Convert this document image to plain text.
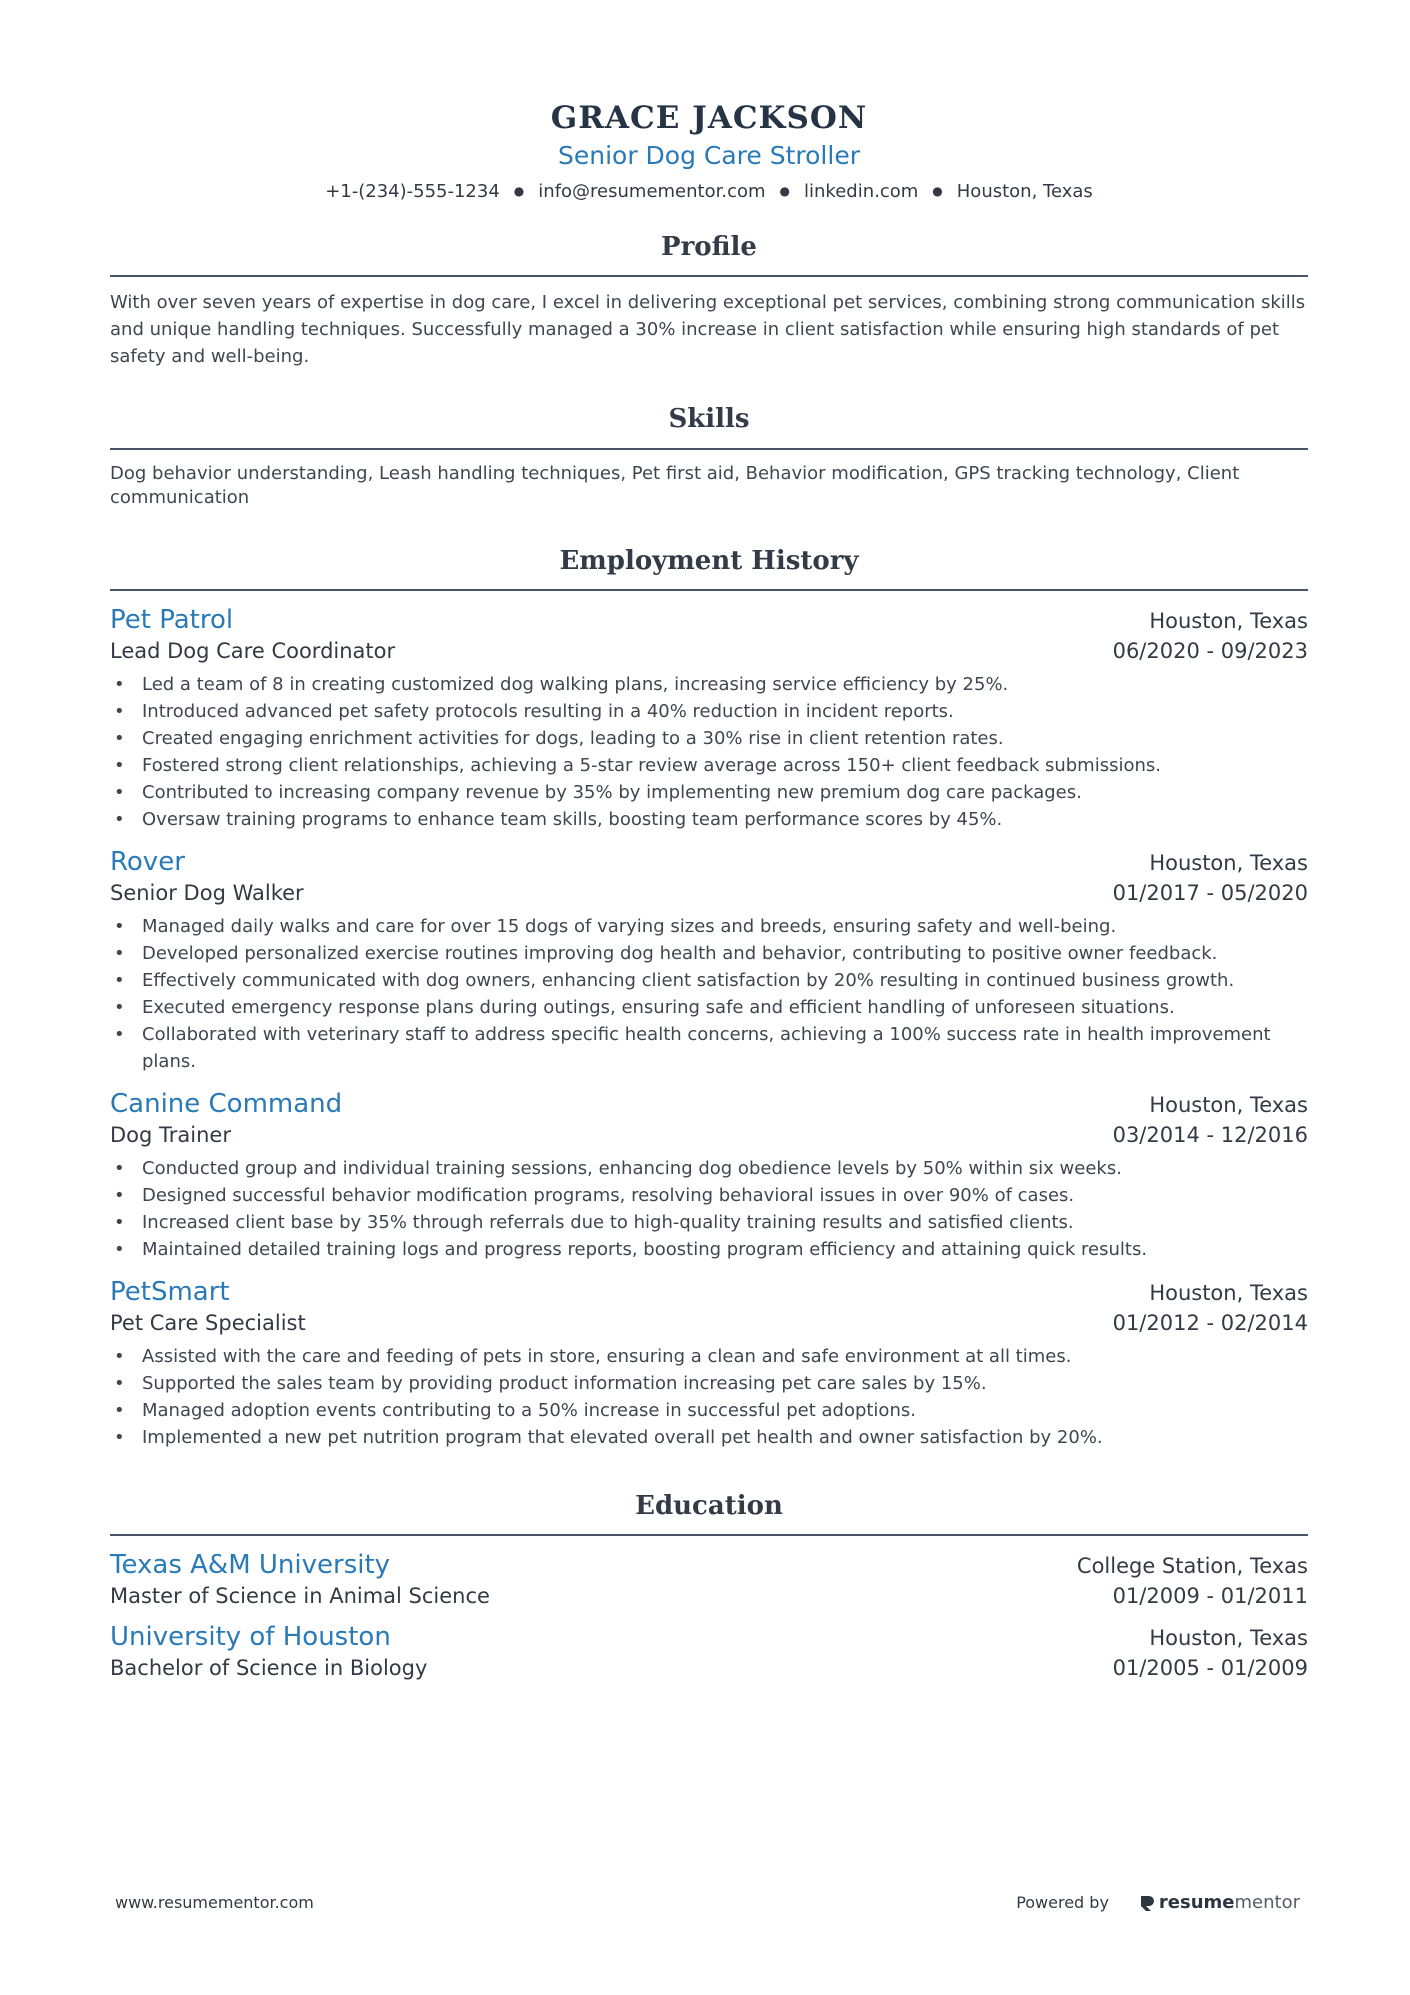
GRACE JACKSON
Senior Dog Care Stroller
+1-(234)-555-1234 ● info@resumementor.com ● linkedin.com ● Houston, Texas
Profile
With over seven years of expertise in dog care, I excel in delivering exceptional pet services, combining strong communication skills and unique handling techniques. Successfully managed a 30% increase in client satisfaction while ensuring high standards of pet safety and well-being.
Skills
Dog behavior understanding, Leash handling techniques, Pet first aid, Behavior modification, GPS tracking technology, Client communication
Employment History
Pet Patrol	Houston, Texas
Lead Dog Care Coordinator	06/2020 - 09/2023
• Led a team of 8 in creating customized dog walking plans, increasing service efficiency by 25%.
• Introduced advanced pet safety protocols resulting in a 40% reduction in incident reports.
• Created engaging enrichment activities for dogs, leading to a 30% rise in client retention rates.
• Fostered strong client relationships, achieving a 5-star review average across 150+ client feedback submissions.
• Contributed to increasing company revenue by 35% by implementing new premium dog care packages.
• Oversaw training programs to enhance team skills, boosting team performance scores by 45%.
Rover	Houston, Texas
Senior Dog Walker	01/2017 - 05/2020
• Managed daily walks and care for over 15 dogs of varying sizes and breeds, ensuring safety and well-being.
• Developed personalized exercise routines improving dog health and behavior, contributing to positive owner feedback.
• Effectively communicated with dog owners, enhancing client satisfaction by 20% resulting in continued business growth.
• Executed emergency response plans during outings, ensuring safe and efficient handling of unforeseen situations.
• Collaborated with veterinary staff to address specific health concerns, achieving a 100% success rate in health improvement plans.
Canine Command	Houston, Texas
Dog Trainer	03/2014 - 12/2016
• Conducted group and individual training sessions, enhancing dog obedience levels by 50% within six weeks.
• Designed successful behavior modification programs, resolving behavioral issues in over 90% of cases.
• Increased client base by 35% through referrals due to high-quality training results and satisfied clients.
• Maintained detailed training logs and progress reports, boosting program efficiency and attaining quick results.
PetSmart	Houston, Texas
Pet Care Specialist	01/2012 - 02/2014
• Assisted with the care and feeding of pets in store, ensuring a clean and safe environment at all times.
• Supported the sales team by providing product information increasing pet care sales by 15%.
• Managed adoption events contributing to a 50% increase in successful pet adoptions.
• Implemented a new pet nutrition program that elevated overall pet health and owner satisfaction by 20%.
Education
Texas A&M University	College Station, Texas
Master of Science in Animal Science	01/2009 - 01/2011
University of Houston	Houston, Texas
Bachelor of Science in Biology	01/2005 - 01/2009
www.resumementor.com	Powered by	resume mentor
